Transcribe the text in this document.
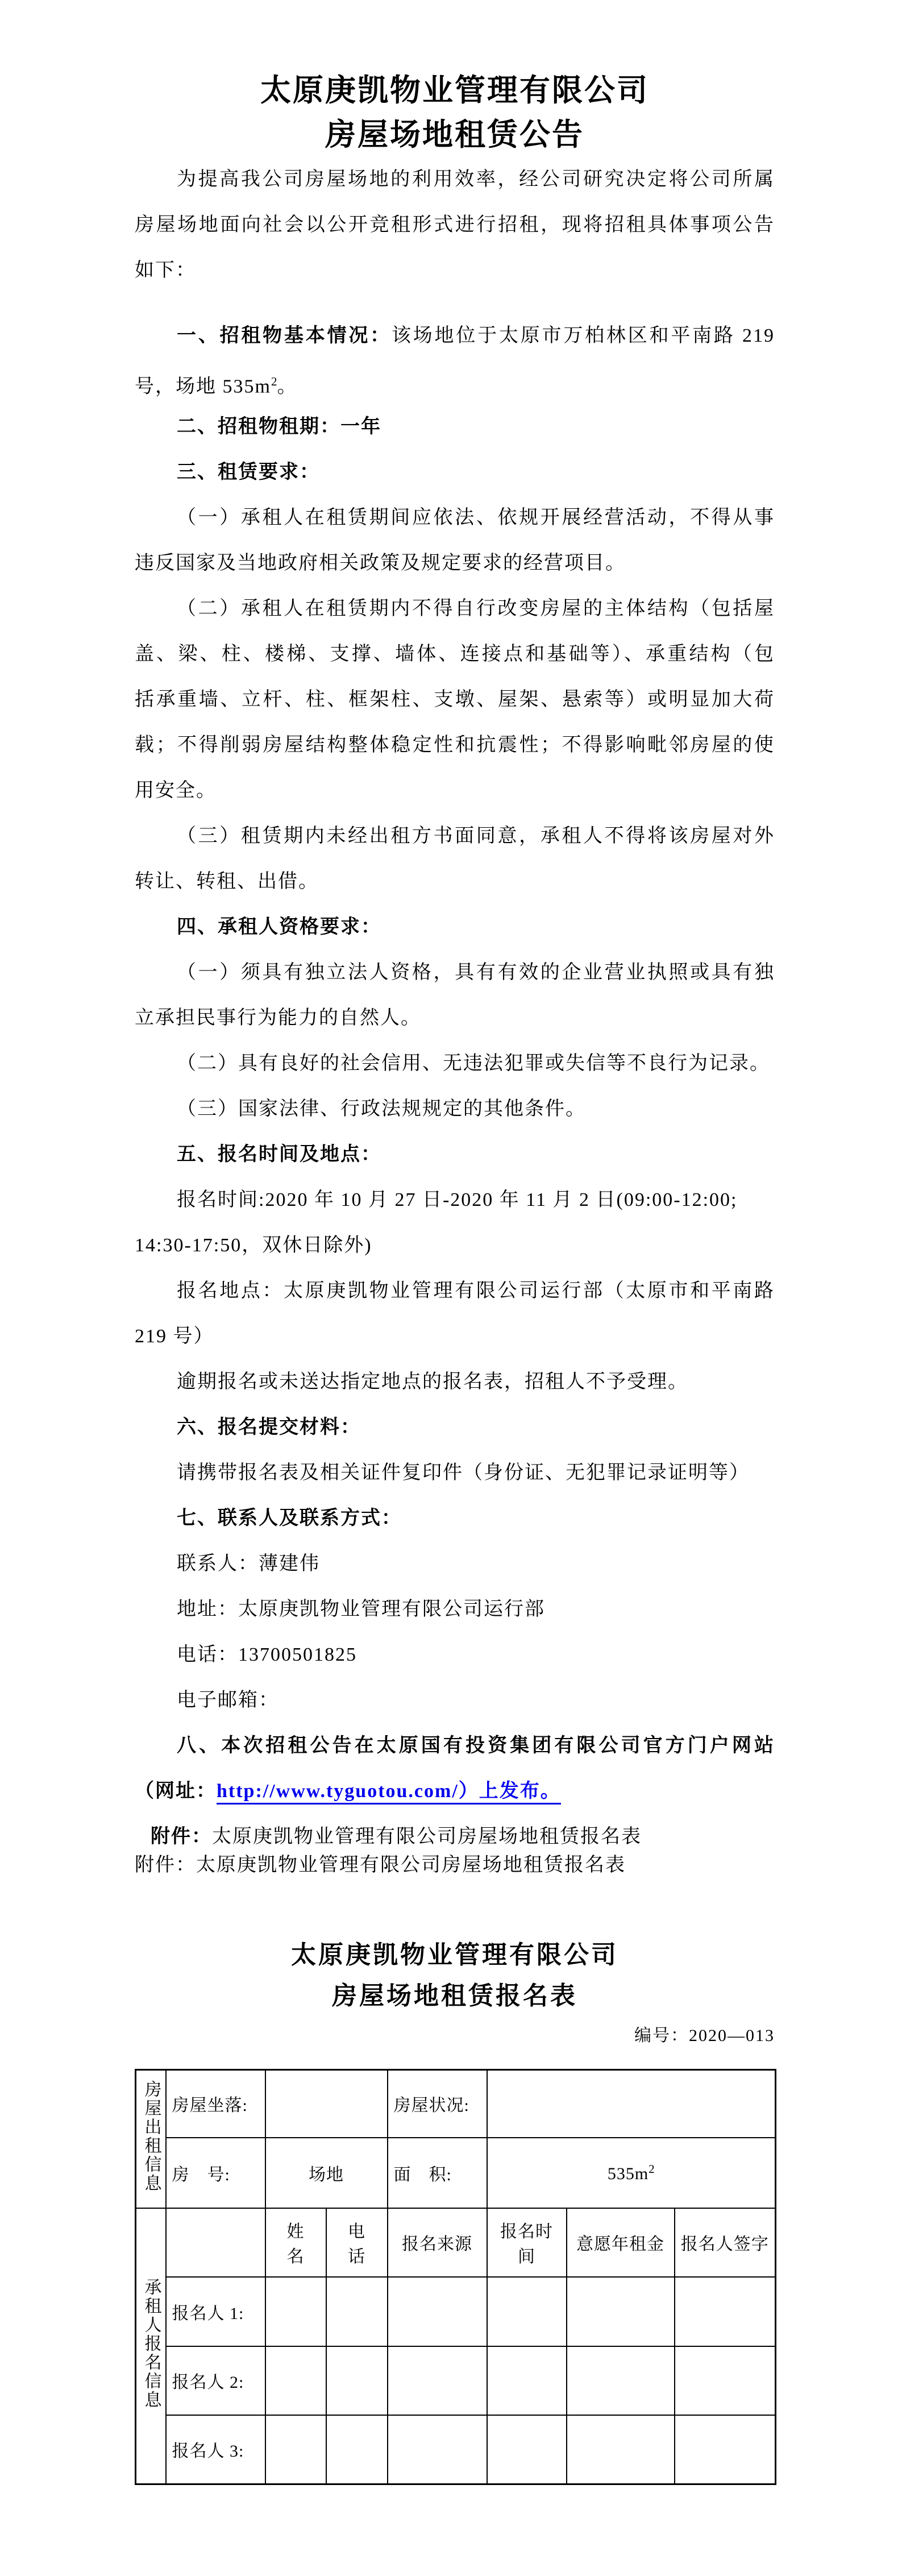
太原庚凯物业管理有限公司
房屋场地租赁公告
为提高我公司房屋场地的利用效率，经公司研究决定将公司所属
房屋场地面向社会以公开竞租形式进行招租，现将招租具体事项公告
如下：
一、招租物基本情况：该场地位于太原市万柏林区和平南路 219
号，场地 $535m^2$。
二、招租物租期：一年
三、租赁要求：
（一）承租人在租赁期间应依法、依规开展经营活动，不得从事
违反国家及当地政府相关政策及规定要求的经营项目。
（二）承租人在租赁期内不得自行改变房屋的主体结构（包括屋
盖、梁、柱、楼梯、支撑、墙体、连接点和基础等）、承重结构（包
括承重墙、立杆、柱、框架柱、支墩、屋架、悬索等）或明显加大荷
载；不得削弱房屋结构整体稳定性和抗震性；不得影响毗邻房屋的使
用安全。
（三）租赁期内未经出租方书面同意，承租人不得将该房屋对外
转让、转租、出借。
四、承租人资格要求：
（一）须具有独立法人资格，具有有效的企业营业执照或具有独
立承担民事行为能力的自然人。
（二）具有良好的社会信用、无违法犯罪或失信等不良行为记录。
（三）国家法律、行政法规规定的其他条件。
五、报名时间及地点：
报名时间:2020 年 10 月 27 日-2020 年 11 月 2 日(09:00-12:00;
14:30-17:50，双休日除外)
报名地点：太原庚凯物业管理有限公司运行部（太原市和平南路
219 号）
逾期报名或未送达指定地点的报名表，招租人不予受理。
六、报名提交材料：
请携带报名表及相关证件复印件（身份证、无犯罪记录证明等）
七、联系人及联系方式：
联系人：薄建伟
地址：太原庚凯物业管理有限公司运行部
电话：13700501825
电子邮箱：
八、本次招租公告在太原国有投资集团有限公司官方门户网站
（网址：http://www.tyguotou.com/）上发布。
附件：太原庚凯物业管理有限公司房屋场地租赁报名表
附件：太原庚凯物业管理有限公司房屋场地租赁报名表
太原庚凯物业管理有限公司
房屋场地租赁报名表
编号：2020—013
房屋出租信息	房屋坐落:			房屋状况:			
	房　号:	场地		面　积:	$535m^2$
承租人报名信息		姓　名	电　话	报名来源	报名时间	意愿年租金	报名人签字
	报名人 1:						
	报名人 2:						
	报名人 3:						
